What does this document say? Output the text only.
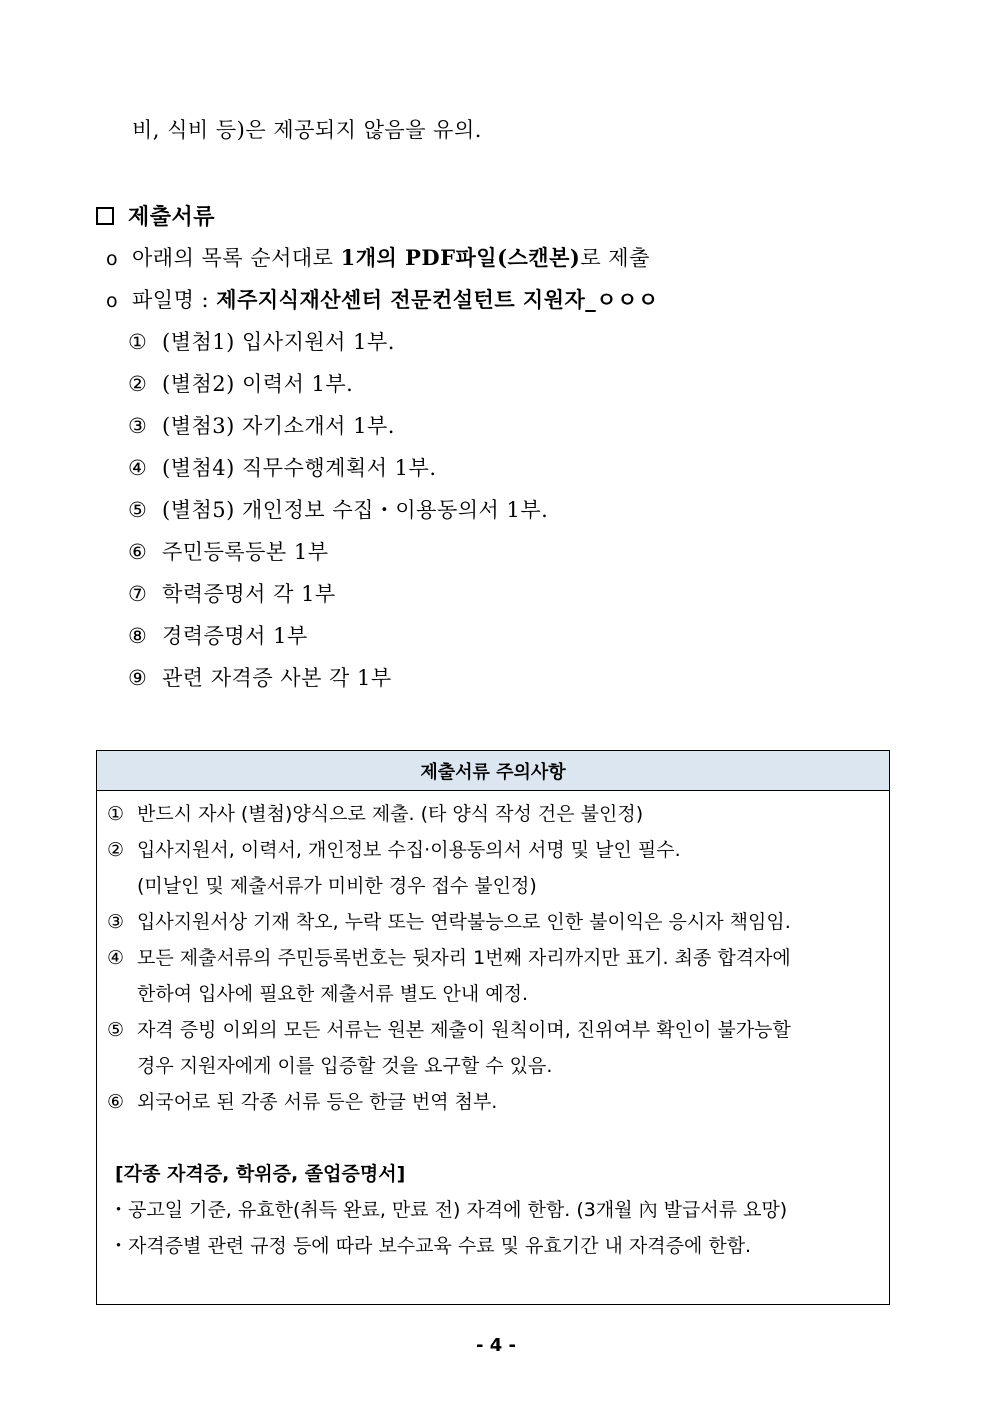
비, 식비 등)은 제공되지 않음을 유의.
제출서류
o 아래의 목록 순서대로 1개의 PDF파일(스캔본)로 제출
o 파일명 : 제주지식재산센터 전문컨설턴트 지원자_ㅇㅇㅇ
① (별첨1) 입사지원서 1부.
② (별첨2) 이력서 1부.
③ (별첨3) 자기소개서 1부.
④ (별첨4) 직무수행계획서 1부.
⑤ (별첨5) 개인정보 수집・이용동의서 1부.
⑥ 주민등록등본 1부
⑦ 학력증명서 각 1부
⑧ 경력증명서 1부
⑨ 관련 자격증 사본 각 1부
제출서류 주의사항
① 반드시 자사 (별첨)양식으로 제출. (타 양식 작성 건은 불인정)
② 입사지원서, 이력서, 개인정보 수집·이용동의서 서명 및 날인 필수.
(미날인 및 제출서류가 미비한 경우 접수 불인정)
③ 입사지원서상 기재 착오, 누락 또는 연락불능으로 인한 불이익은 응시자 책임임.
④ 모든 제출서류의 주민등록번호는 뒷자리 1번째 자리까지만 표기. 최종 합격자에
한하여 입사에 필요한 제출서류 별도 안내 예정.
⑤ 자격 증빙 이외의 모든 서류는 원본 제출이 원칙이며, 진위여부 확인이 불가능할
경우 지원자에게 이를 입증할 것을 요구할 수 있음.
⑥ 외국어로 된 각종 서류 등은 한글 번역 첨부.
[각종 자격증, 학위증, 졸업증명서]
・공고일 기준, 유효한(취득 완료, 만료 전) 자격에 한함. (3개월 內 발급서류 요망)
・자격증별 관련 규정 등에 따라 보수교육 수료 및 유효기간 내 자격증에 한함.
- 4 -
